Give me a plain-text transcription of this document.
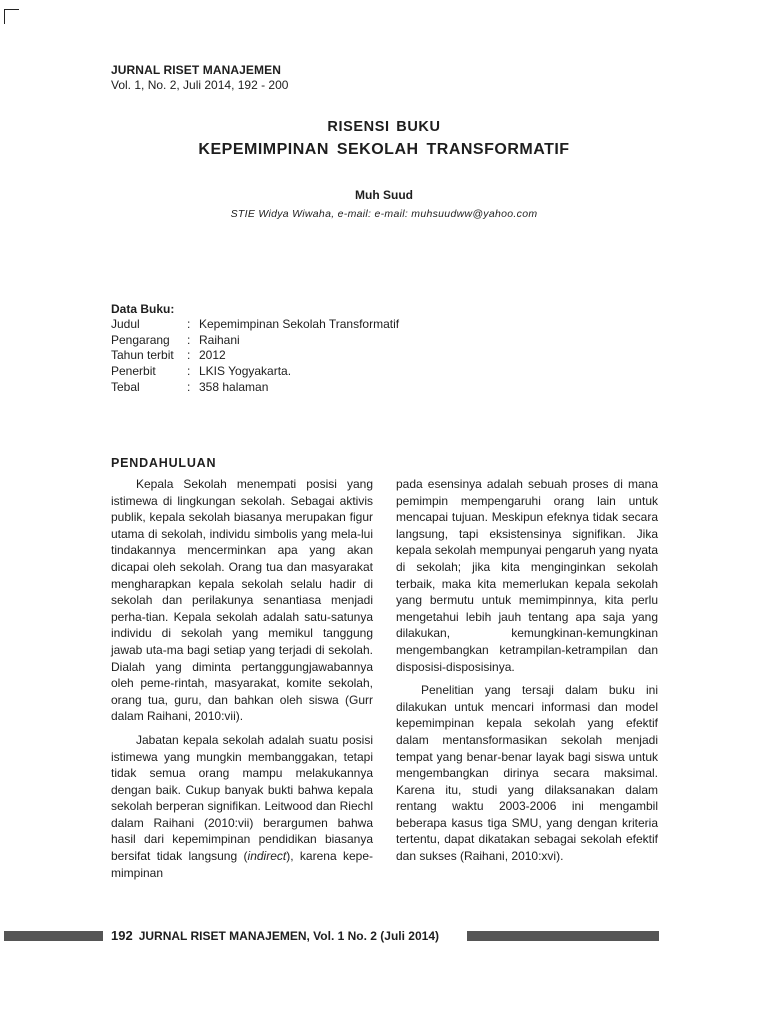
JURNAL RISET MANAJEMEN
Vol. 1, No. 2, Juli 2014, 192 - 200
RISENSI BUKU
KEPEMIMPINAN SEKOLAH TRANSFORMATIF
Muh Suud
STIE Widya Wiwaha, e-mail: e-mail: muhsuudww@yahoo.com
Data Buku:
Judul	: Kepemimpinan Sekolah Transformatif
Pengarang	: Raihani
Tahun terbit	: 2012
Penerbit	: LKIS Yogyakarta.
Tebal	: 358 halaman
PENDAHULUAN

Kepala Sekolah menempati posisi yang istimewa di lingkungan sekolah. Sebagai aktivis publik, kepala sekolah biasanya merupakan figur utama di sekolah, individu simbolis yang mela-lui tindakannya mencerminkan apa yang akan dicapai oleh sekolah. Orang tua dan masyarakat mengharapkan kepala sekolah selalu hadir di sekolah dan perilakunya senantiasa menjadi perha-tian. Kepala sekolah adalah satu-satunya individu di sekolah yang memikul tanggung jawab uta-ma bagi setiap yang terjadi di sekolah. Dialah yang diminta pertanggungjawabannya oleh peme-rintah, masyarakat, komite sekolah, orang tua, guru, dan bahkan oleh siswa (Gurr dalam Raihani, 2010:vii).

Jabatan kepala sekolah adalah suatu posisi istimewa yang mungkin membanggakan, tetapi tidak semua orang mampu melakukannya dengan baik. Cukup banyak bukti bahwa kepala sekolah berperan signifikan. Leitwood dan Riechl dalam Raihani (2010:vii) berargumen bahwa hasil dari kepemimpinan pendidikan biasanya bersifat tidak langsung (indirect), karena kepe-mimpinan

pada esensinya adalah sebuah proses di mana pemimpin mempengaruhi orang lain untuk mencapai tujuan. Meskipun efeknya tidak secara langsung, tapi eksistensinya signifikan. Jika kepala sekolah mempunyai pengaruh yang nyata di sekolah; jika kita menginginkan sekolah terbaik, maka kita memerlukan kepala sekolah yang bermutu untuk memimpinnya, kita perlu mengetahui lebih jauh tentang apa saja yang dilakukan, kemungkinan-kemungkinan mengembangkan ketrampilan-ketrampilan dan disposisi-disposisinya.

Penelitian yang tersaji dalam buku ini dilakukan untuk mencari informasi dan model kepemimpinan kepala sekolah yang efektif dalam mentansformasikan sekolah menjadi tempat yang benar-benar layak bagi siswa untuk mengembangkan dirinya secara maksimal. Karena itu, studi yang dilaksanakan dalam rentang waktu 2003-2006 ini mengambil beberapa kasus tiga SMU, yang dengan kriteria tertentu, dapat dikatakan sebagai sekolah efektif dan sukses (Raihani, 2010:xvi).

192 JURNAL RISET MANAJEMEN, Vol. 1 No. 2 (Juli 2014)
